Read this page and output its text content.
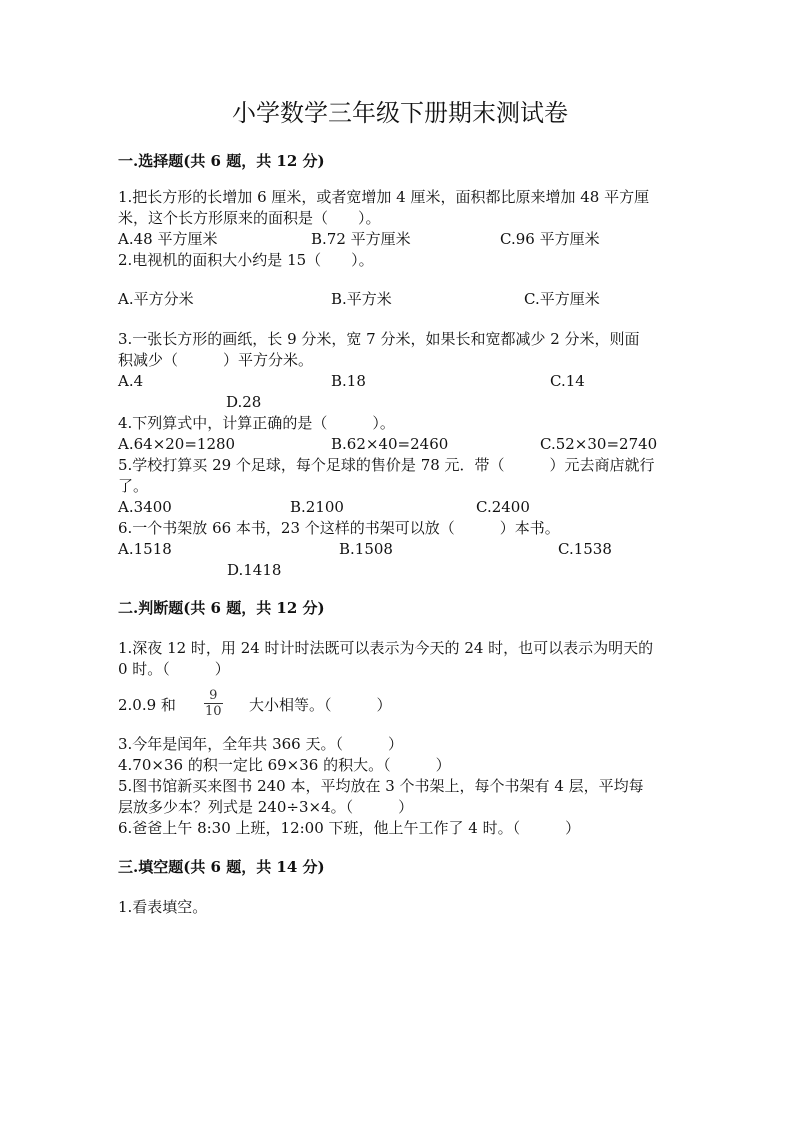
小学数学三年级下册期末测试卷
一.选择题(共 6 题，共 12 分)
1.把长方形的长增加 6 厘米，或者宽增加 4 厘米，面积都比原来增加 48 平方厘
米，这个长方形原来的面积是（　　）。
A.48 平方厘米	B.72 平方厘米	C.96 平方厘米
2.电视机的面积大小约是 15（　　）。
A.平方分米	B.平方米	C.平方厘米
3.一张长方形的画纸，长 9 分米，宽 7 分米，如果长和宽都减少 2 分米，则面
积减少（　　　）平方分米。
A.4	B.18	C.14
D.28
4.下列算式中，计算正确的是（　　　）。
A.64×20=1280	B.62×40=2460	C.52×30=2740
5.学校打算买 29 个足球，每个足球的售价是 78 元．带（　　　）元去商店就行
了。
A.3400	B.2100	C.2400
6.一个书架放 66 本书，23 个这样的书架可以放（　　　）本书。
A.1518	B.1508	C.1538
D.1418
二.判断题(共 6 题，共 12 分)
1.深夜 12 时，用 24 时计时法既可以表示为今天的 24 时，也可以表示为明天的
0 时。（　　　）
2.0.9 和 $\frac{9}{10}$ 大小相等。（　　　）
3.今年是闰年，全年共 366 天。（　　　）
4.70×36 的积一定比 69×36 的积大。（　　　）
5.图书馆新买来图书 240 本，平均放在 3 个书架上，每个书架有 4 层，平均每
层放多少本？列式是 240÷3×4。（　　　）
6.爸爸上午 8:30 上班，12:00 下班，他上午工作了 4 时。（　　　）
三.填空题(共 6 题，共 14 分)
1.看表填空。
